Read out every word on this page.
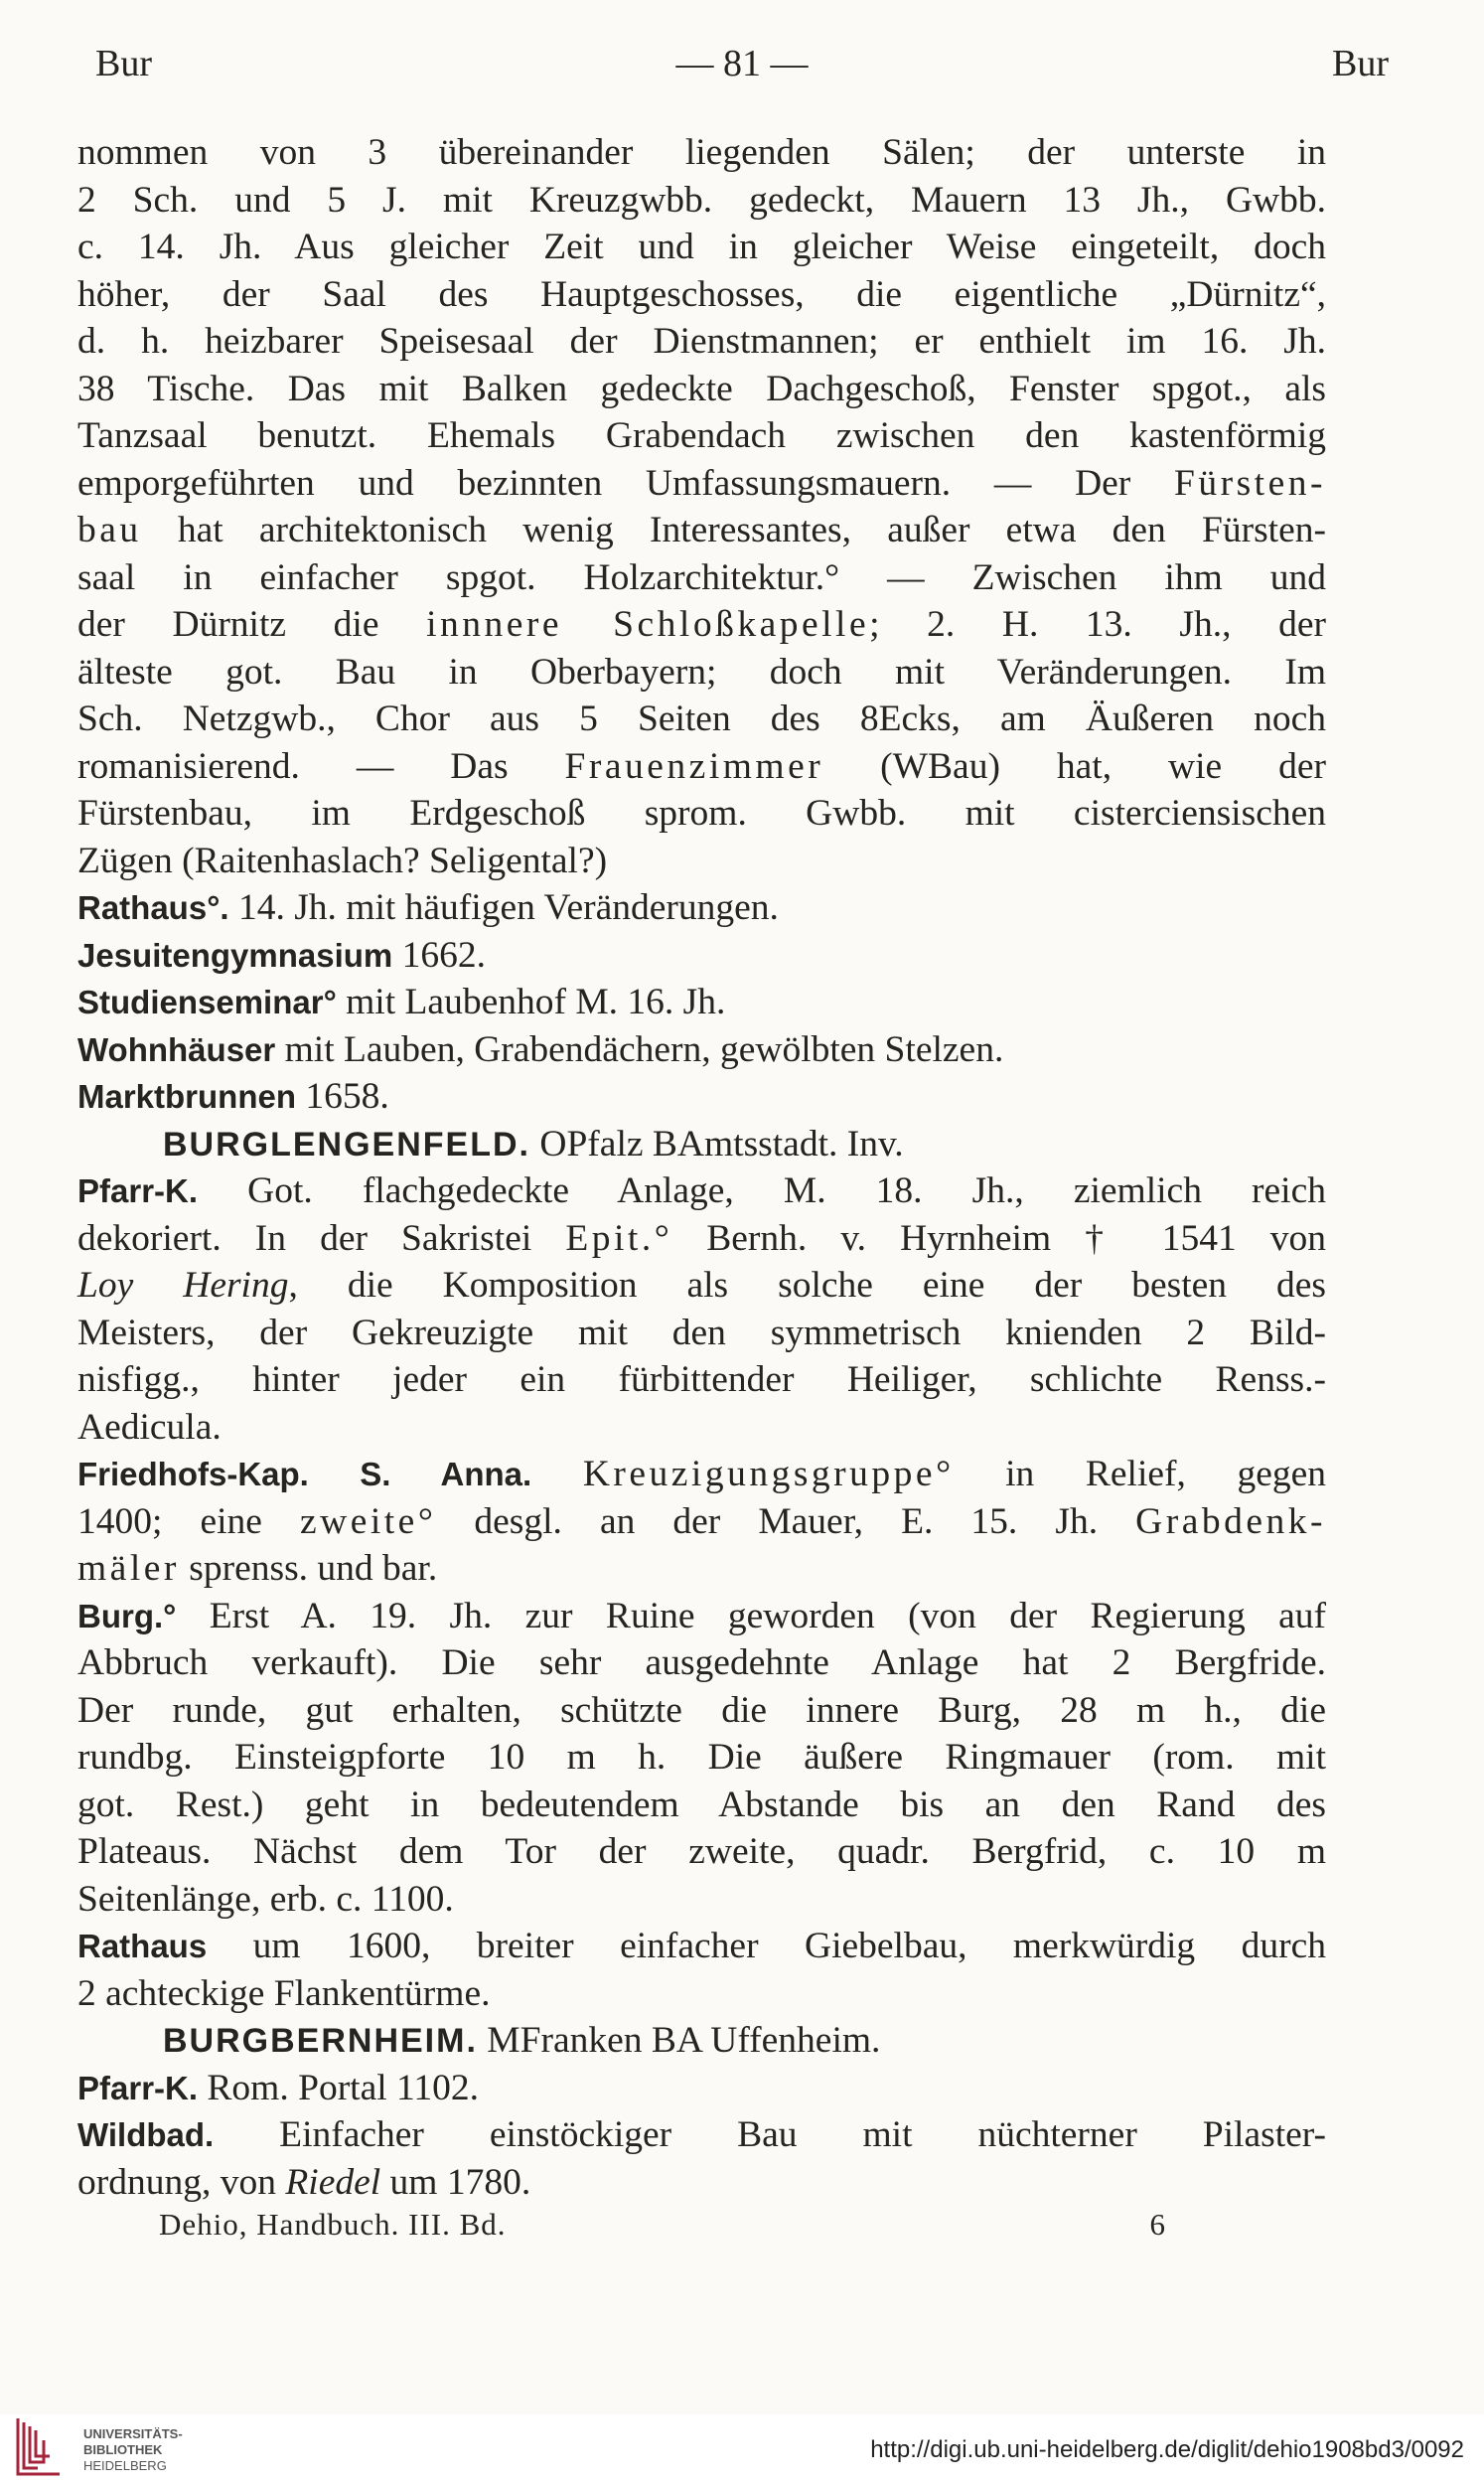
Bur	— 81 —	Bur
nommen von 3 übereinander liegenden Sälen; der unterste in
2 Sch. und 5 J. mit Kreuzgwbb. gedeckt, Mauern 13 Jh., Gwbb.
c. 14. Jh. Aus gleicher Zeit und in gleicher Weise eingeteilt, doch
höher, der Saal des Hauptgeschosses, die eigentliche „Dürnitz“,
d. h. heizbarer Speisesaal der Dienstmannen; er enthielt im 16. Jh.
38 Tische. Das mit Balken gedeckte Dachgeschoß, Fenster spgot., als
Tanzsaal benutzt. Ehemals Grabendach zwischen den kastenförmig
emporgeführten und bezinnten Umfassungsmauern. — Der Fürsten-
bau hat architektonisch wenig Interessantes, außer etwa den Fürsten-
saal in einfacher spgot. Holzarchitektur.° — Zwischen ihm und
der Dürnitz die innnere Schloßkapelle; 2. H. 13. Jh., der
älteste got. Bau in Oberbayern; doch mit Veränderungen. Im
Sch. Netzgwb., Chor aus 5 Seiten des 8Ecks, am Äußeren noch
romanisierend. — Das Frauenzimmer (WBau) hat, wie der
Fürstenbau, im Erdgeschoß sprom. Gwbb. mit cisterciensischen
Zügen (Raitenhaslach? Seligental?)
Rathaus°. 14. Jh. mit häufigen Veränderungen.
Jesuitengymnasium 1662.
Studienseminar° mit Laubenhof M. 16. Jh.
Wohnhäuser mit Lauben, Grabendächern, gewölbten Stelzen.
Marktbrunnen 1658.
BURGLENGENFELD. OPfalz BAmtsstadt. Inv.
Pfarr-K. Got. flachgedeckte Anlage, M. 18. Jh., ziemlich reich
dekoriert. In der Sakristei Epit.° Bernh. v. Hyrnheim † 1541 von
Loy Hering, die Komposition als solche eine der besten des
Meisters, der Gekreuzigte mit den symmetrisch knienden 2 Bild-
nisfigg., hinter jeder ein fürbittender Heiliger, schlichte Renss.-
Aedicula.
Friedhofs-Kap. S. Anna. Kreuzigungsgruppe° in Relief, gegen
1400; eine zweite° desgl. an der Mauer, E. 15. Jh. Grabdenk-
mäler sprenss. und bar.
Burg.° Erst A. 19. Jh. zur Ruine geworden (von der Regierung auf
Abbruch verkauft). Die sehr ausgedehnte Anlage hat 2 Bergfride.
Der runde, gut erhalten, schützte die innere Burg, 28 m h., die
rundbg. Einsteigpforte 10 m h. Die äußere Ringmauer (rom. mit
got. Rest.) geht in bedeutendem Abstande bis an den Rand des
Plateaus. Nächst dem Tor der zweite, quadr. Bergfrid, c. 10 m
Seitenlänge, erb. c. 1100.
Rathaus um 1600, breiter einfacher Giebelbau, merkwürdig durch
2 achteckige Flankentürme.
BURGBERNHEIM. MFranken BA Uffenheim.
Pfarr-K. Rom. Portal 1102.
Wildbad. Einfacher einstöckiger Bau mit nüchterner Pilaster-
ordnung, von Riedel um 1780.
Dehio, Handbuch. III. Bd.	6
UNIVERSITÄTS-
BIBLIOTHEK
HEIDELBERG
http://digi.ub.uni-heidelberg.de/diglit/dehio1908bd3/0092
